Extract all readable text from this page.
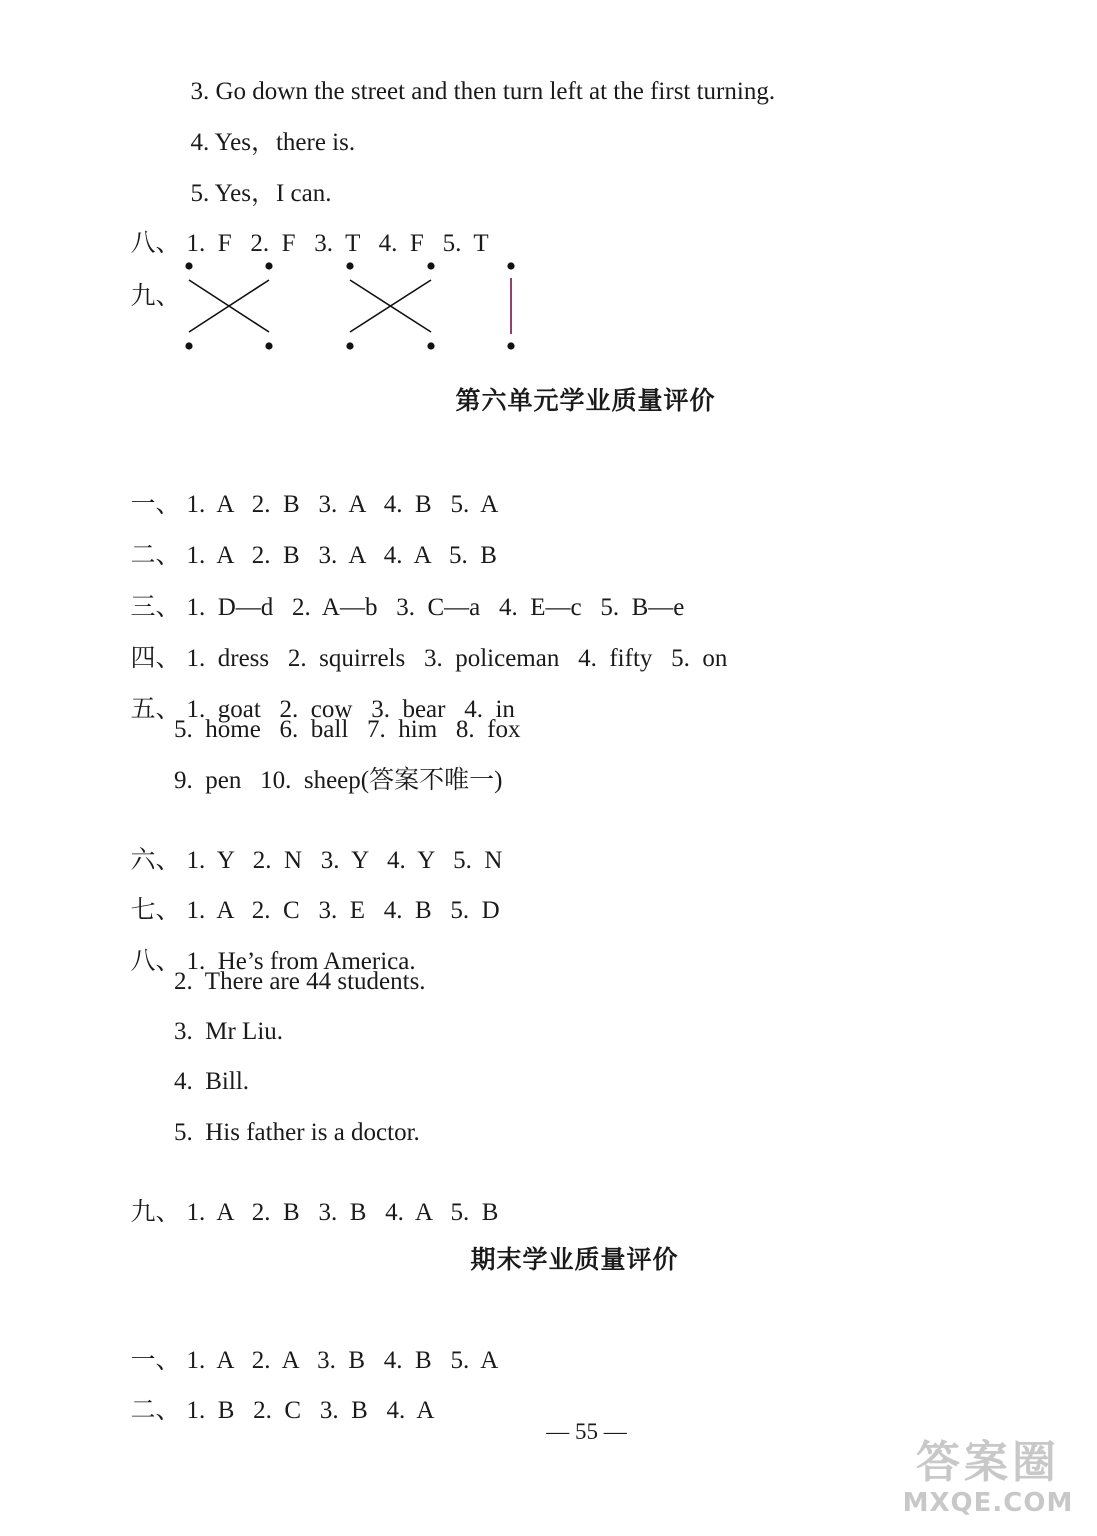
3. Go down the street and then turn left at the first turning.

4. Yes，there is.

5. Yes，I can.

八、 1.  F   2.  F   3.  T   4.  F   5.  T

九、

第六单元学业质量评价

一、 1.  A   2.  B   3.  A   4.  B   5.  A

二、 1.  A   2.  B   3.  A   4.  A   5.  B

三、 1.  D—d   2.  A—b   3.  C—a   4.  E—c   5.  B—e

四、 1.  dress   2.  squirrels   3.  policeman   4.  fifty   5.  on

五、 1.  goat   2.  cow   3.  bear   4.  in

5.  home   6.  ball   7.  him   8.  fox
9.  pen   10.  sheep(答案不唯一)

六、 1.  Y   2.  N   3.  Y   4.  Y   5.  N

七、 1.  A   2.  C   3.  E   4.  B   5.  D

八、 1.  He’s from America.

2.  There are 44 students.
3.  Mr Liu.
4.  Bill.
5.  His father is a doctor.

九、 1.  A   2.  B   3.  B   4.  A   5.  B

期末学业质量评价

一、 1.  A   2.  A   3.  B   4.  B   5.  A

二、 1.  B   2.  C   3.  B   4.  A

— 55 —
答案圈
MXQE.COM
